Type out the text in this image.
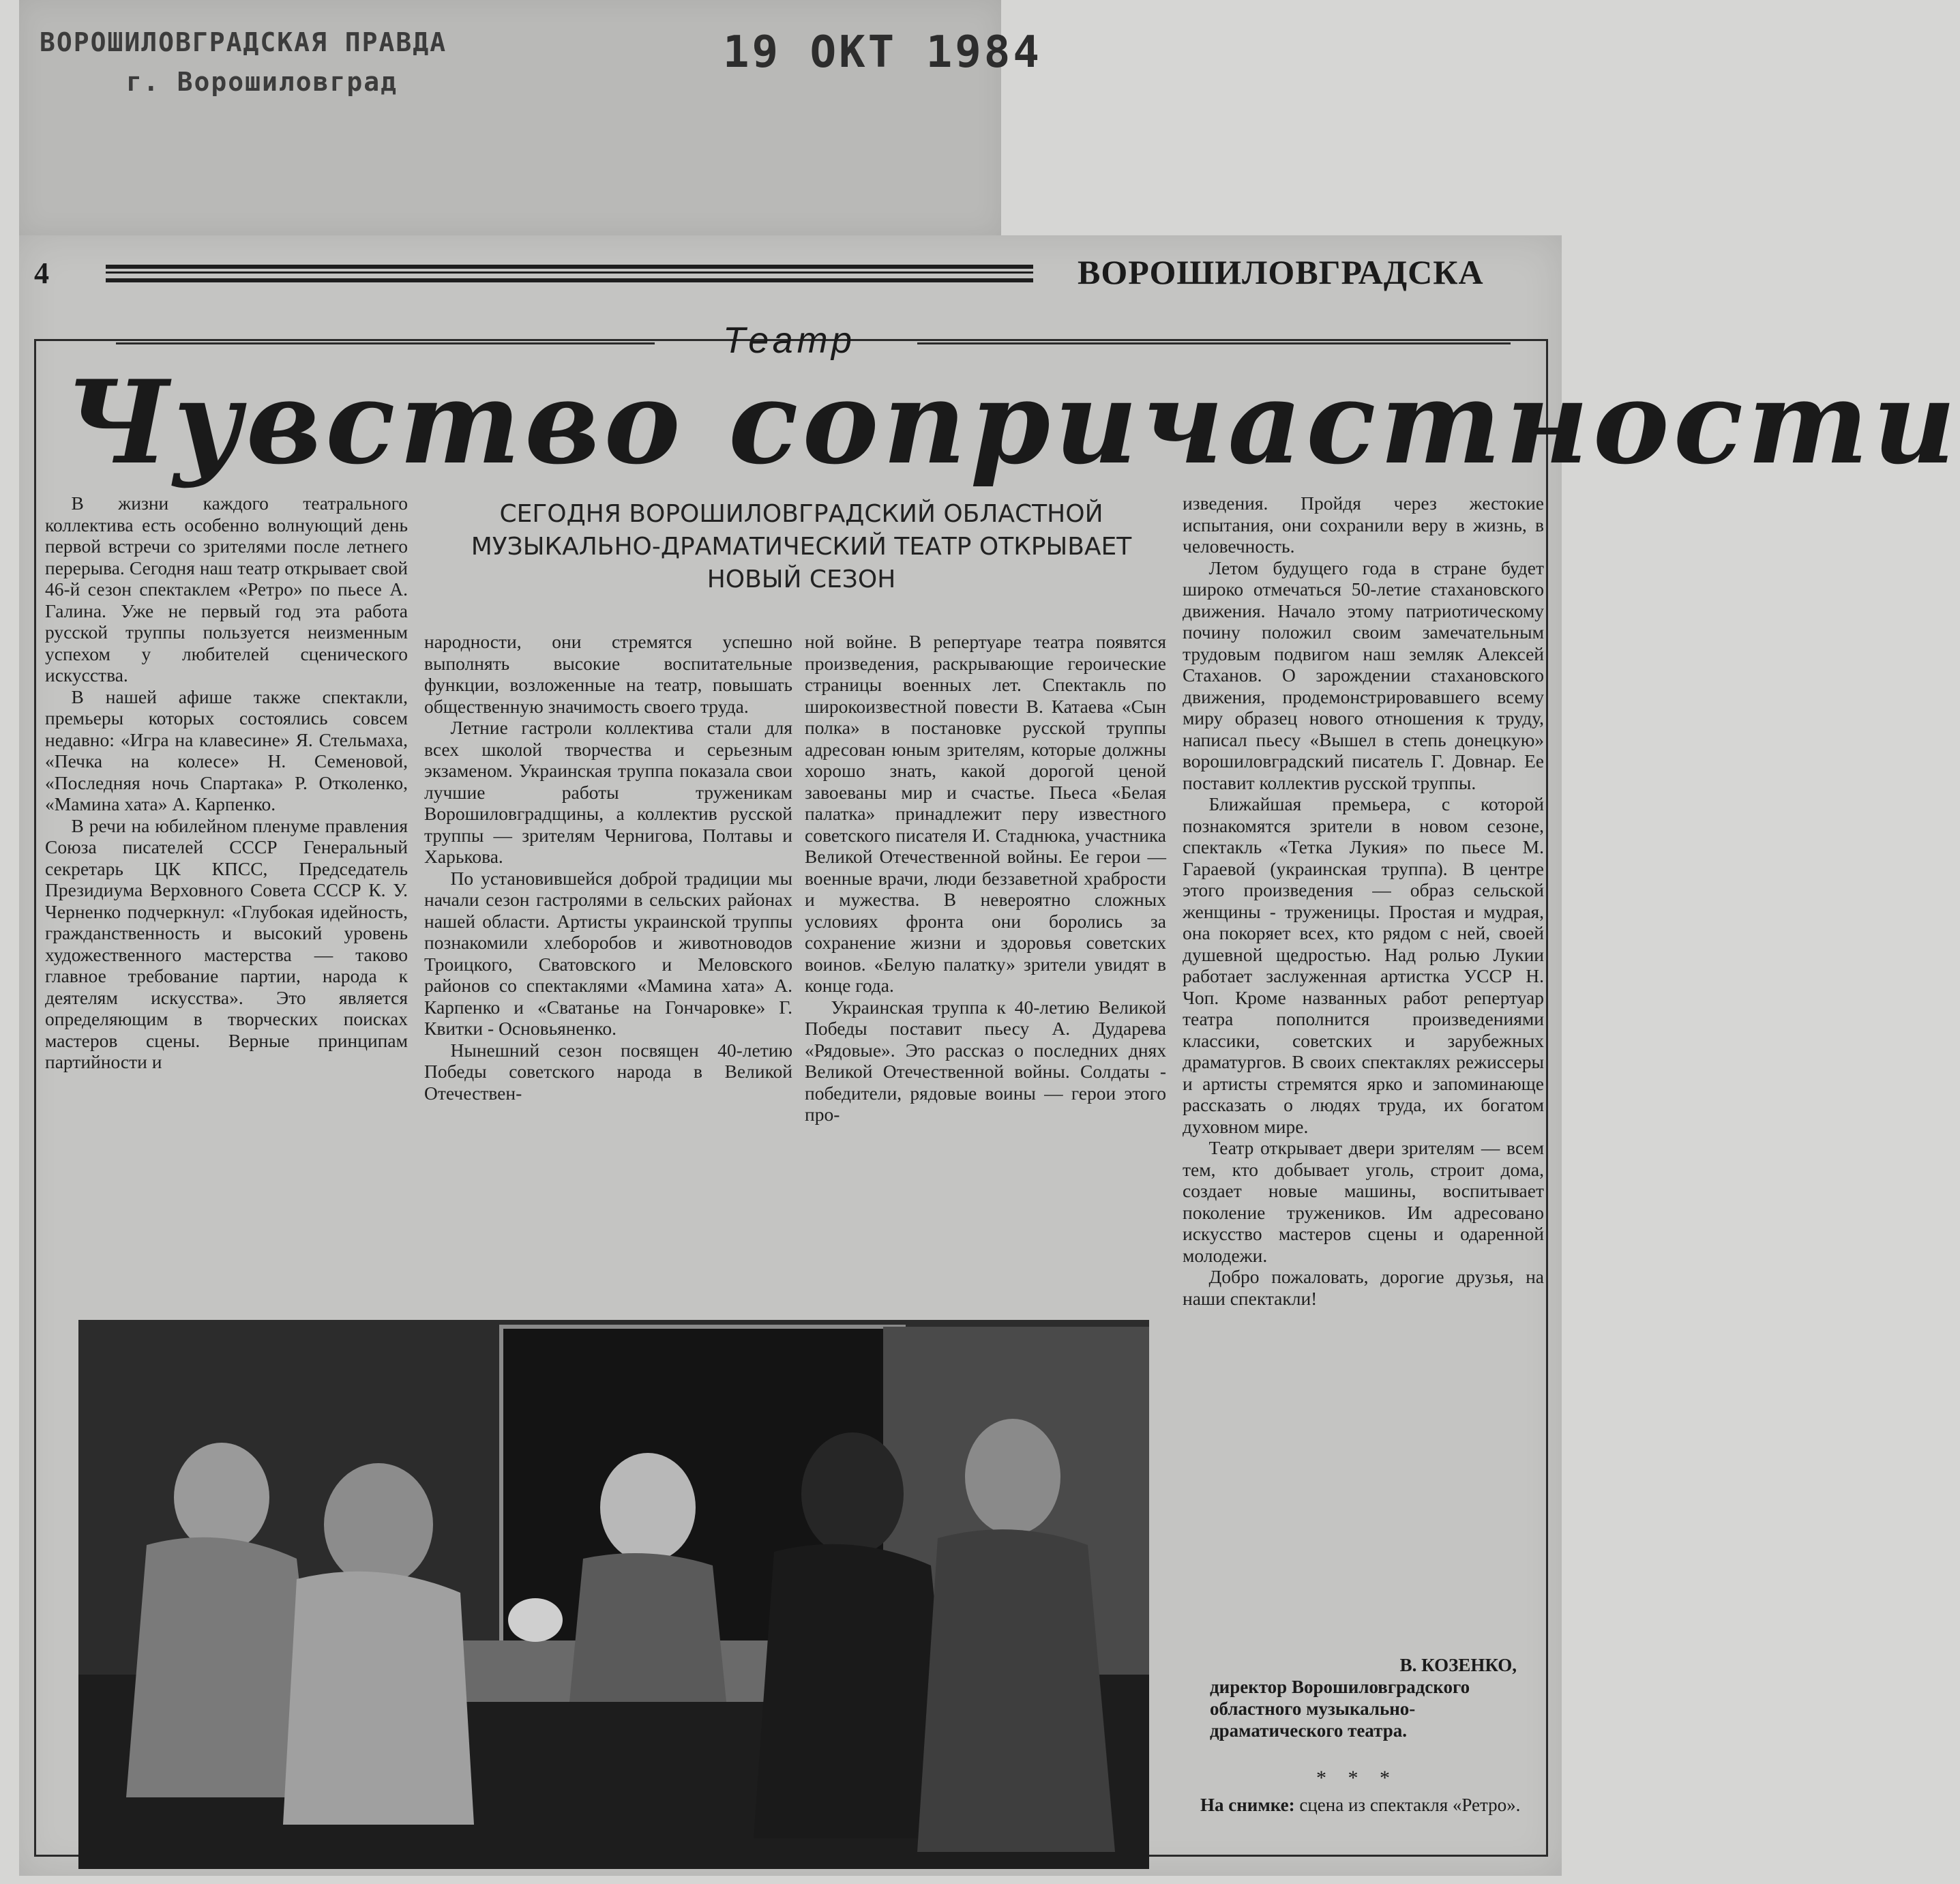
ВОРОШИЛОВГРАДСКАЯ ПРАВДА
г. Ворошиловград
19 ОКТ 1984
4	ВОРОШИЛОВГРАДСКА
Театр
Чувство сопричастности
СЕГОДНЯ ВОРОШИЛОВГРАДСКИЙ ОБЛАСТНОЙ МУЗЫКАЛЬНО-ДРАМАТИЧЕСКИЙ ТЕАТР ОТКРЫВАЕТ НОВЫЙ СЕЗОН

В жизни каждого театрального коллектива есть особенно волнующий день первой встречи со зрителями после летнего перерыва. Сегодня наш театр открывает свой 46-й сезон спектаклем «Ретро» по пьесе А. Галина. Уже не первый год эта работа русской труппы пользуется неизменным успехом у любителей сценического искусства.

В нашей афише также спектакли, премьеры которых состоялись совсем недавно: «Игра на клавесине» Я. Стельмаха, «Печка на колесе» Н. Семеновой, «Последняя ночь Спартака» Р. Отколенко, «Мамина хата» А. Карпенко.

В речи на юбилейном пленуме правления Союза писателей СССР Генеральный секретарь ЦК КПСС, Председатель Президиума Верховного Совета СССР К. У. Черненко подчеркнул: «Глубокая идейность, гражданственность и высокий уровень художественного мастерства — таково главное требование партии, народа к деятелям искусства». Это является определяющим в творческих поисках мастеров сцены. Верные принципам партийности и

народности, они стремятся успешно выполнять высокие воспитательные функции, возложенные на театр, повышать общественную значимость своего труда.

Летние гастроли коллектива стали для всех школой творчества и серьезным экзаменом. Украинская труппа показала свои лучшие работы труженикам Ворошиловградщины, а коллектив русской труппы — зрителям Чернигова, Полтавы и Харькова.

По установившейся доброй традиции мы начали сезон гастролями в сельских районах нашей области. Артисты украинской труппы познакомили хлеборобов и животноводов Троицкого, Сватовского и Меловского районов со спектаклями «Мамина хата» А. Карпенко и «Сватанье на Гончаровке» Г. Квитки - Основьяненко.

Нынешний сезон посвящен 40-летию Победы советского народа в Великой Отечествен-

ной войне. В репертуаре театра появятся произведения, раскрывающие героические страницы военных лет. Спектакль по широкоизвестной повести В. Катаева «Сын полка» в постановке русской труппы адресован юным зрителям, которые должны хорошо знать, какой дорогой ценой завоеваны мир и счастье. Пьеса «Белая палатка» принадлежит перу известного советского писателя И. Стаднюка, участника Великой Отечественной войны. Ее герои — военные врачи, люди беззаветной храбрости и мужества. В невероятно сложных условиях фронта они боролись за сохранение жизни и здоровья советских воинов. «Белую палатку» зрители увидят в конце года.

Украинская труппа к 40-летию Великой Победы поставит пьесу А. Дударева «Рядовые». Это рассказ о последних днях Великой Отечественной войны. Солдаты - победители, рядовые воины — герои этого про-

изведения. Пройдя через жестокие испытания, они сохранили веру в жизнь, в человечность.

Летом будущего года в стране будет широко отмечаться 50-летие стахановского движения. Начало этому патриотическому почину положил своим замечательным трудовым подвигом наш земляк Алексей Стаханов. О зарождении стахановского движения, продемонстрировавшего всему миру образец нового отношения к труду, написал пьесу «Вышел в степь донецкую» ворошиловградский писатель Г. Довнар. Ее поставит коллектив русской труппы.

Ближайшая премьера, с которой познакомятся зрители в новом сезоне, спектакль «Тетка Лукия» по пьесе М. Гараевой (украинская труппа). В центре этого произведения — образ сельской женщины - труженицы. Простая и мудрая, она покоряет всех, кто рядом с ней, своей душевной щедростью. Над ролью Лукии работает заслуженная артистка УССР Н. Чоп. Кроме названных работ репертуар театра пополнится произведениями классики, советских и зарубежных драматургов. В своих спектаклях режиссеры и артисты стремятся ярко и запоминающе рассказать о людях труда, их богатом духовном мире.

Театр открывает двери зрителям — всем тем, кто добывает уголь, строит дома, создает новые машины, воспитывает поколение тружеников. Им адресовано искусство мастеров сцены и одаренной молодежи.

Добро пожаловать, дорогие друзья, на наши спектакли!

В. КОЗЕНКО,
директор Ворошиловградского областного музыкально-драматического театра.
* * *
На снимке: сцена из спектакля «Ретро».
